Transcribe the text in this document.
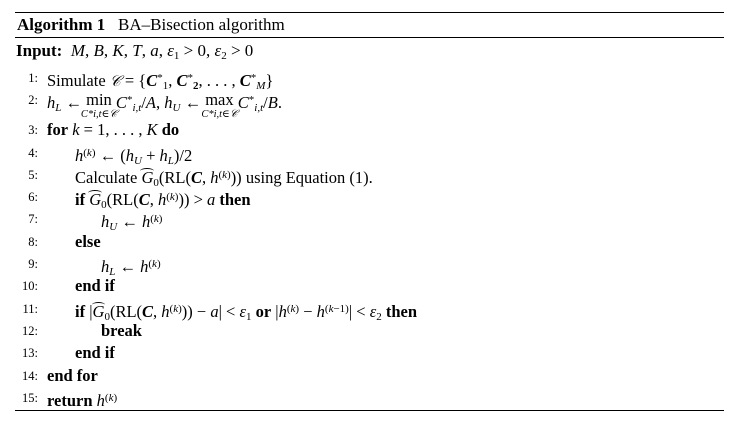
Algorithm 1 BA–Bisection algorithm
Input: M, B, K, T, a, $\varepsilon_1 > 0$, $\varepsilon_2 > 0$
1: Simulate 𝒞 = {$C^*_1$, $C^*_2$, . . . , $C^*_M$}
2: $h_L$ ← min
C*i,t∈𝒞
$C^*_{i,t}/A$, $h_U$ ← max
C*i,t∈𝒞
$C^*_{i,t}/B$.
3: for k = 1, . . . , K do
4: $h^{(k)}$ ← $(h_U + h_L)/2$
5: Calculate $G_0(RL(C$, $h^{(k)}$)) using Equation (1).
6: if $G_0(RL(C$, $h^{(k)})) > a$ then
7:	$h_U$ ← $h^{(k)}$
8: else
9:	$h_L$ ← $h^{(k)}$
10: end if
11: if $|G_0(RL(C$, $h^{(k)})) - a| < \varepsilon_1$ or $|h^{(k)} - h^{(k-1)}| < \varepsilon_2$ then
12:	break
13: end if
14: end for
15: return $h^{(k)}$
